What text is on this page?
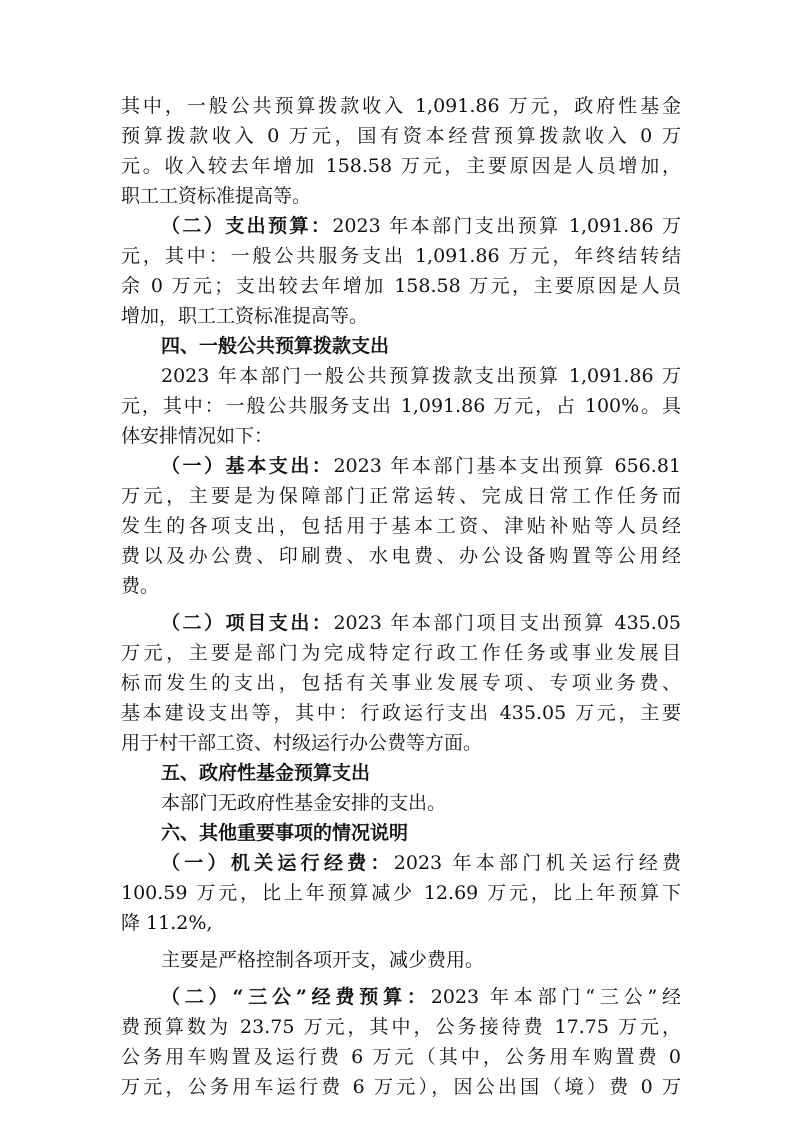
其中，一般公共预算拨款收入 1,091.86 万元，政府性基金
预算拨款收入 0 万元，国有资本经营预算拨款收入 0 万
元。收入较去年增加 158.58 万元，主要原因是人员增加，
职工工资标准提高等。
（二）支出预算：2023 年本部门支出预算 1,091.86 万
元，其中：一般公共服务支出 1,091.86 万元，年终结转结
余 0 万元；支出较去年增加 158.58 万元，主要原因是人员
增加，职工工资标准提高等。
四、一般公共预算拨款支出
2023 年本部门一般公共预算拨款支出预算 1,091.86 万
元，其中：一般公共服务支出 1,091.86 万元，占 100%。具
体安排情况如下：
（一）基本支出：2023 年本部门基本支出预算 656.81
万元，主要是为保障部门正常运转、完成日常工作任务而
发生的各项支出，包括用于基本工资、津贴补贴等人员经
费以及办公费、印刷费、水电费、办公设备购置等公用经
费。
（二）项目支出：2023 年本部门项目支出预算 435.05
万元，主要是部门为完成特定行政工作任务或事业发展目
标而发生的支出，包括有关事业发展专项、专项业务费、
基本建设支出等，其中：行政运行支出 435.05 万元，主要
用于村干部工资、村级运行办公费等方面。
五、政府性基金预算支出
本部门无政府性基金安排的支出。
六、其他重要事项的情况说明
（一）机关运行经费：2023 年本部门机关运行经费
100.59 万元，比上年预算减少 12.69 万元，比上年预算下
降 11.2%,
主要是严格控制各项开支，减少费用。
（二）“三公”经费预算：2023 年本部门“三公”经
费预算数为 23.75 万元，其中，公务接待费 17.75 万元，
公务用车购置及运行费 6 万元（其中，公务用车购置费 0
万元，公务用车运行费 6 万元），因公出国（境）费 0 万
